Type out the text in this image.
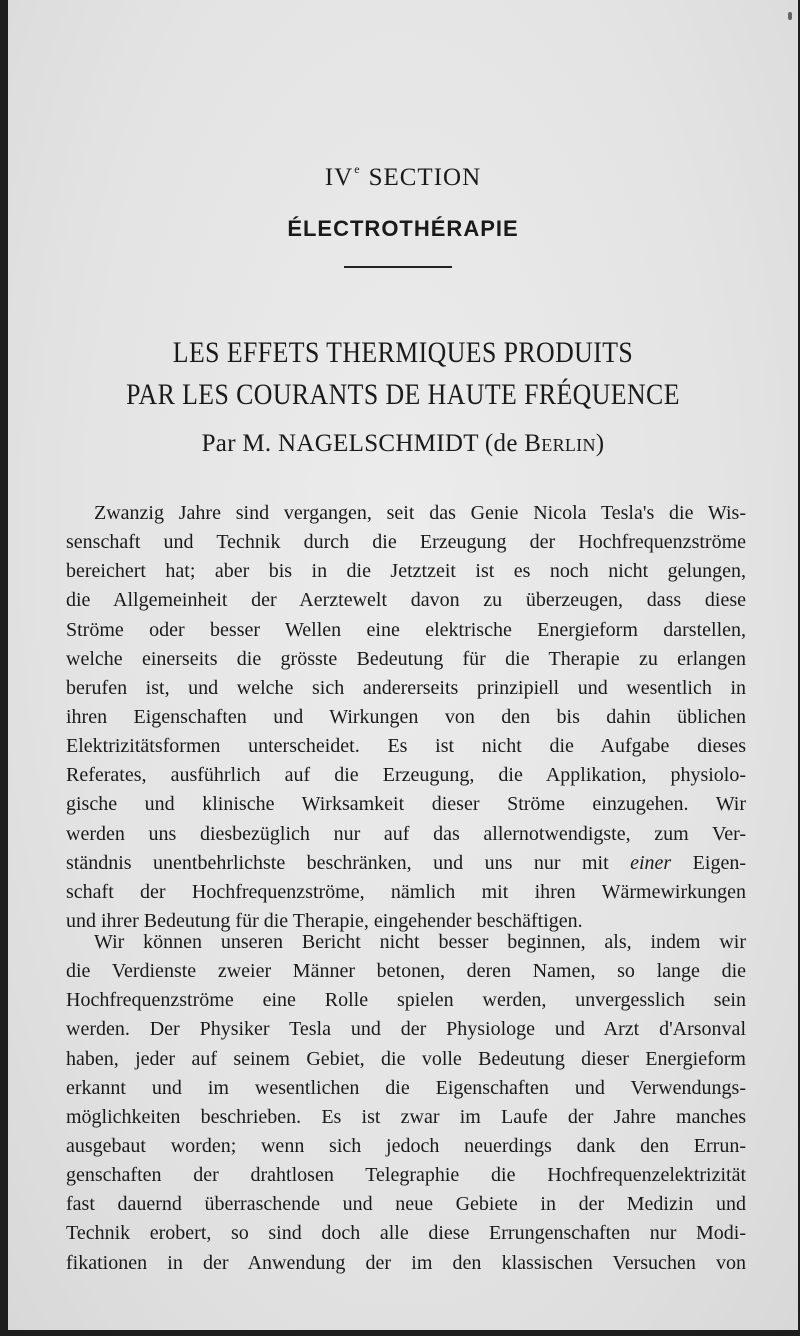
IVe SECTION
ÉLECTROTHÉRAPIE
LES EFFETS THERMIQUES PRODUITS
PAR LES COURANTS DE HAUTE FRÉQUENCE
Par M. NAGELSCHMIDT (de Berlin)
Zwanzig Jahre sind vergangen, seit das Genie Nicola Tesla's die Wis-
senschaft und Technik durch die Erzeugung der Hochfrequenzströme
bereichert hat; aber bis in die Jetztzeit ist es noch nicht gelungen,
die Allgemeinheit der Aerztewelt davon zu überzeugen, dass diese
Ströme oder besser Wellen eine elektrische Energieform darstellen,
welche einerseits die grösste Bedeutung für die Therapie zu erlangen
berufen ist, und welche sich andererseits prinzipiell und wesentlich in
ihren Eigenschaften und Wirkungen von den bis dahin üblichen
Elektrizitätsformen unterscheidet. Es ist nicht die Aufgabe dieses
Referates, ausführlich auf die Erzeugung, die Applikation, physiolo-
gische und klinische Wirksamkeit dieser Ströme einzugehen. Wir
werden uns diesbezüglich nur auf das allernotwendigste, zum Ver-
ständnis unentbehrlichste beschränken, und uns nur mit einer Eigen-
schaft der Hochfrequenzströme, nämlich mit ihren Wärmewirkungen
und ihrer Bedeutung für die Therapie, eingehender beschäftigen.
Wir können unseren Bericht nicht besser beginnen, als, indem wir
die Verdienste zweier Männer betonen, deren Namen, so lange die
Hochfrequenzströme eine Rolle spielen werden, unvergesslich sein
werden. Der Physiker Tesla und der Physiologe und Arzt d'Arsonval
haben, jeder auf seinem Gebiet, die volle Bedeutung dieser Energieform
erkannt und im wesentlichen die Eigenschaften und Verwendungs-
möglichkeiten beschrieben. Es ist zwar im Laufe der Jahre manches
ausgebaut worden; wenn sich jedoch neuerdings dank den Errun-
genschaften der drahtlosen Telegraphie die Hochfrequenzelektrizität
fast dauernd überraschende und neue Gebiete in der Medizin und
Technik erobert, so sind doch alle diese Errungenschaften nur Modi-
fikationen in der Anwendung der im den klassischen Versuchen von
